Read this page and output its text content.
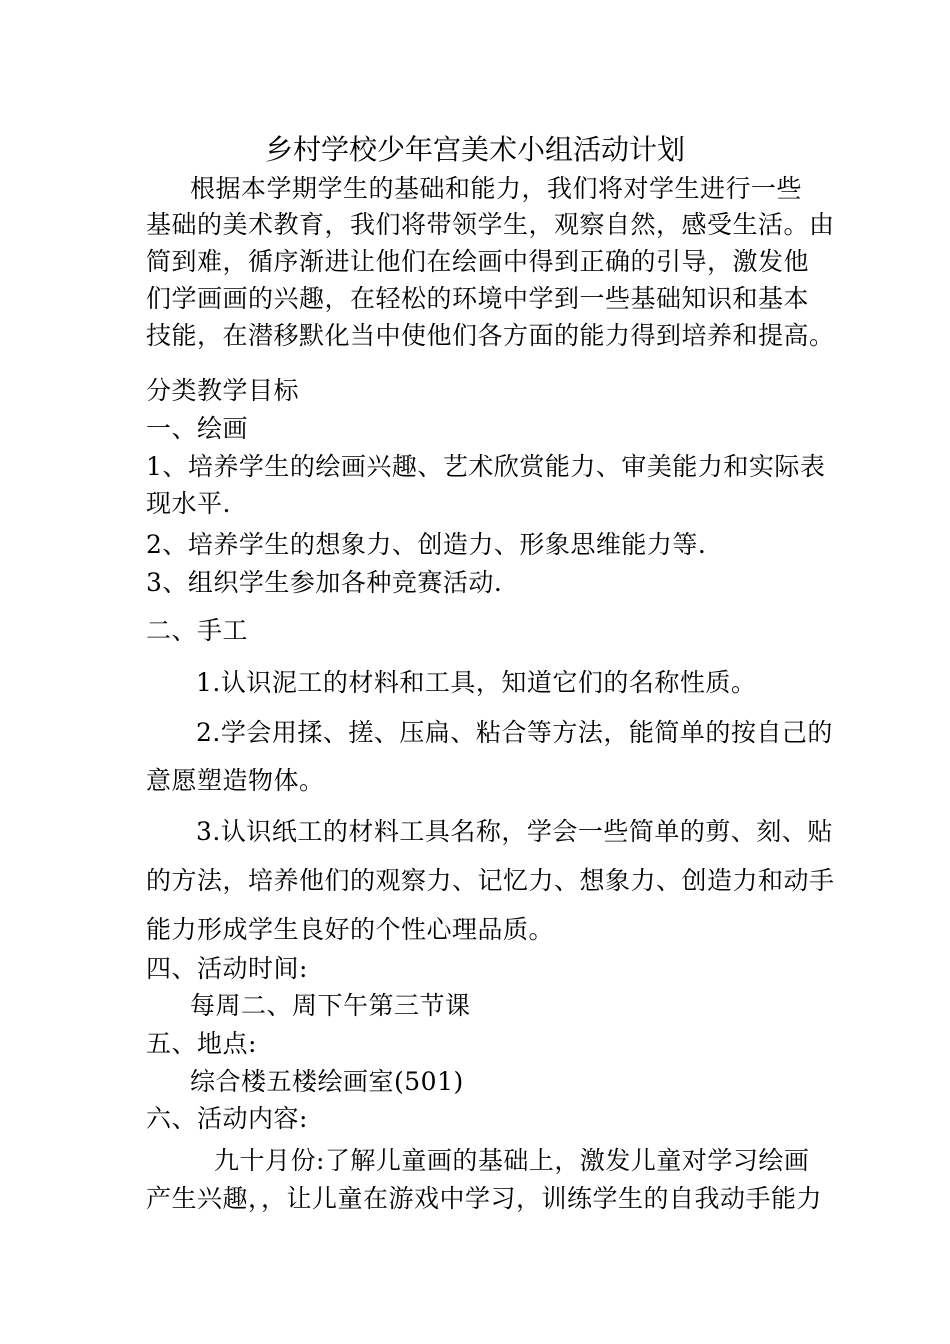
乡村学校少年宫美术小组活动计划
根据本学期学生的基础和能力，我们将对学生进行一些
基础的美术教育，我们将带领学生，观察自然，感受生活。由
简到难，循序渐进让他们在绘画中得到正确的引导，激发他
们学画画的兴趣，在轻松的环境中学到一些基础知识和基本
技能，在潜移默化当中使他们各方面的能力得到培养和提高。
分类教学目标
一、绘画
1、培养学生的绘画兴趣、艺术欣赏能力、审美能力和实际表
现水平.
2、培养学生的想象力、创造力、形象思维能力等.
3、组织学生参加各种竞赛活动.
二、手工
1.认识泥工的材料和工具，知道它们的名称性质。
2.学会用揉、搓、压扁、粘合等方法，能简单的按自己的
意愿塑造物体。
3.认识纸工的材料工具名称，学会一些简单的剪、刻、贴
的方法，培养他们的观察力、记忆力、想象力、创造力和动手
能力形成学生良好的个性心理品质。
四、活动时间:
每周二、周下午第三节课
五、地点:
综合楼五楼绘画室(501)
六、活动内容:
九十月份:了解儿童画的基础上，激发儿童对学习绘画
产生兴趣，，让儿童在游戏中学习，训练学生的自我动手能力
